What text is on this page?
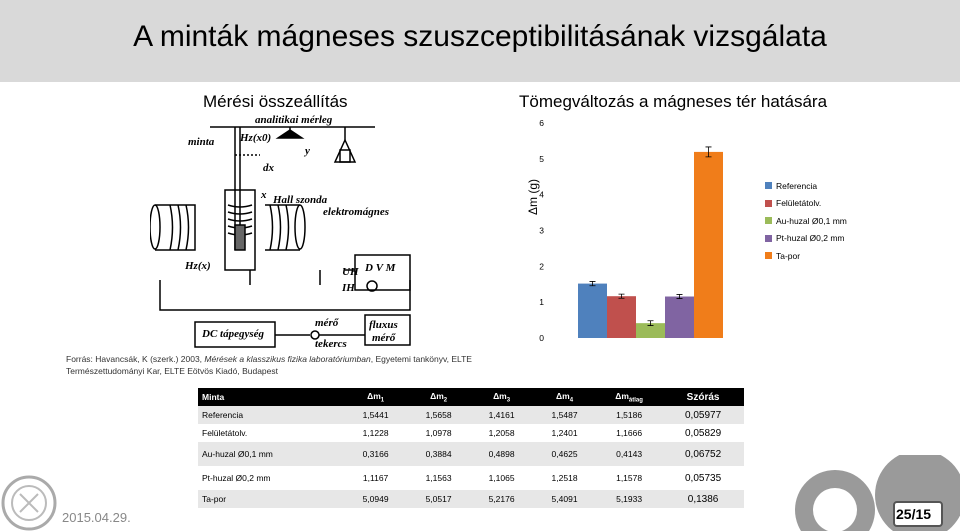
A minták mágneses szuszceptibilitásának vizsgálata
Mérési összeállítás	Tömegváltozás a mágneses tér hatására
minta
analitikai mérleg
Hz(x0)
y
dx
x Hall szonda
elektromágnes
Hz(x)	UH
IH
D V M
DC tápegység
mérő
tekercs
fluxus
mérő
Forrás: Havancsák, K (szerk.) 2003, Mérések a klasszikus fizika laboratóriumban, Egyetemi tankönyv, ELTE Természettudományi Kar, ELTE Eötvös Kiadó, Budapest
Δm (g)
0
1
2
3
4
5
6
Referencia
Felületátolv.
Au-huzal Ø0,1 mm
Pt-huzal Ø0,2 mm
Ta-por
Minta	$\Delta m_1$	$\Delta m_2$	$\Delta m_3$	$\Delta m_4$	$\Delta m_{átlag}$	Szórás
Referencia	1,5441	1,5658	1,4161	1,5487	1,5186	0,05977
Felületátolv.	1,1228	1,0978	1,2058	1,2401	1,1666	0,05829
Au-huzal Ø0,1 mm	0,3166	0,3884	0,4898	0,4625	0,4143	0,06752
Pt-huzal Ø0,2 mm	1,1167	1,1563	1,1065	1,2518	1,1578	0,05735
Ta-por	5,0949	5,0517	5,2176	5,4091	5,1933	0,1386
2015.04.29.	25/15
